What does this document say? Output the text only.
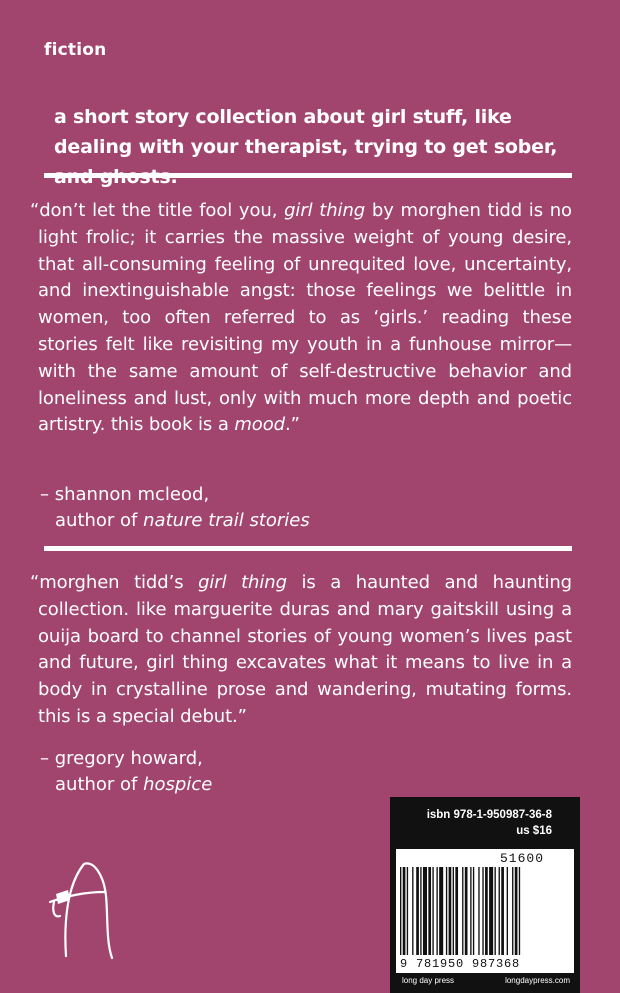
fiction
a short story collection about girl stuff, like dealing with your therapist, trying to get sober,
“don’t let the title fool you, girl thing by morghen tidd is no light frolic; it carries the massive weight of young desire, that all-consuming feeling of unrequited love, uncertainty, and inextinguishable angst: those feelings we belittle in women, too often referred to as ‘girls.’ reading these stories felt like revisiting my youth in a funhouse mirror—with the same amount of self-destructive behavior and loneliness and lust, only with much more depth and poetic artistry. this book is a mood.”
– shannon mcleod,
author of nature trail stories
“morghen tidd’s girl thing is a haunted and haunting collection. like marguerite duras and mary gaitskill using a ouija board to channel stories of young women’s lives past and future, girl thing excavates what it means to live in a body in crystalline prose and wandering, mutating forms. this is a special debut.”
– gregory howard,
author of hospice
isbn 978-1-950987-36-8
us $16
51600
9 781950 987368
long day press	longdaypress.com
